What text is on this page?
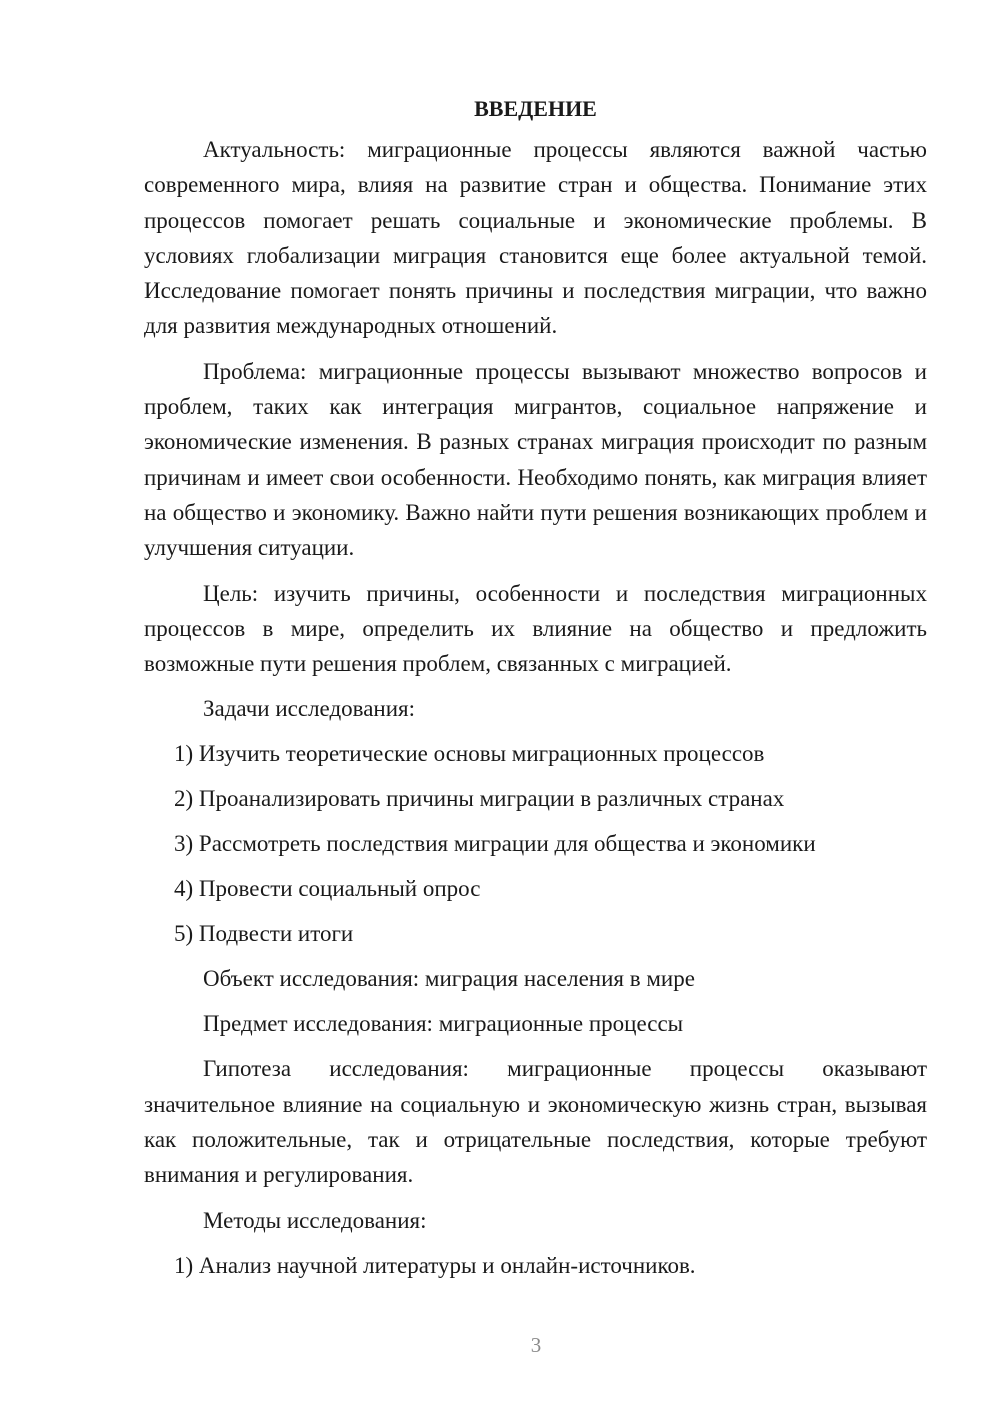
ВВЕДЕНИЕ
Актуальность: миграционные процессы являются важной частью современного мира, влияя на развитие стран и общества. Понимание этих процессов помогает решать социальные и экономические проблемы. В условиях глобализации миграция становится еще более актуальной темой. Исследование помогает понять причины и последствия миграции, что важно для развития международных отношений.
Проблема: миграционные процессы вызывают множество вопросов и проблем, таких как интеграция мигрантов, социальное напряжение и экономические изменения. В разных странах миграция происходит по разным причинам и имеет свои особенности. Необходимо понять, как миграция влияет на общество и экономику. Важно найти пути решения возникающих проблем и улучшения ситуации.
Цель: изучить причины, особенности и последствия миграционных процессов в мире, определить их влияние на общество и предложить возможные пути решения проблем, связанных с миграцией.
Задачи исследования:
1) Изучить теоретические основы миграционных процессов
2) Проанализировать причины миграции в различных странах
3) Рассмотреть последствия миграции для общества и экономики
4) Провести социальный опрос
5) Подвести итоги
Объект исследования: миграция населения в мире
Предмет исследования: миграционные процессы
Гипотеза исследования: миграционные процессы оказывают значительное влияние на социальную и экономическую жизнь стран, вызывая как положительные, так и отрицательные последствия, которые требуют внимания и регулирования.
Методы исследования:
1) Анализ научной литературы и онлайн-источников.
3
